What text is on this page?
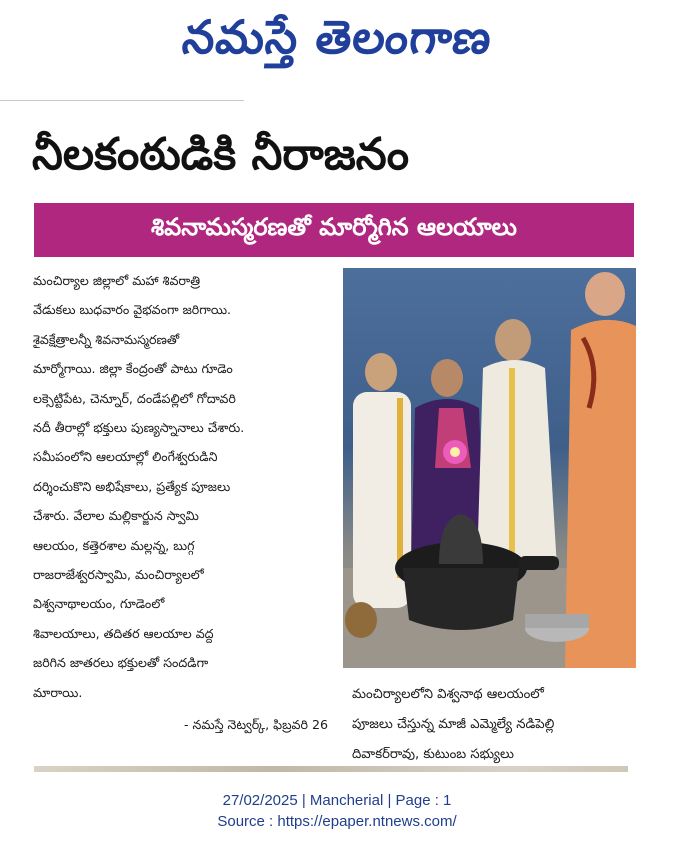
నమస్తే తెలంగాణ
నీలకంఠుడికి నీరాజనం
శివనామస్మరణతో మార్మోగిన ఆలయాలు
మంచిర్యాల జిల్లాలో మహా శివరాత్రి
వేడుకలు బుధవారం వైభవంగా జరిగాయి.
శైవక్షేత్రాలన్నీ శివనామస్మరణతో
మార్మోగాయి. జిల్లా కేంద్రంతో పాటు గూడెం
లక్సెట్టిపేట, చెన్నూర్, దండేపల్లిలో గోదావరి
నదీ తీరాల్లో భక్తులు పుణ్యస్నానాలు చేశారు.
సమీపంలోని ఆలయాల్లో లింగేశ్వరుడిని
దర్శించుకొని అభిషేకాలు, ప్రత్యేక పూజలు
చేశారు. వేలాల మల్లికార్జున స్వామి
ఆలయం, కత్తెరశాల మల్లన్న, బుగ్గ
రాజరాజేశ్వరస్వామి, మంచిర్యాలలో
విశ్వనాథాలయం, గూడెంలో
శివాలయాలు, తదితర ఆలయాల వద్ద
జరిగిన జాతరలు భక్తులతో సందడిగా
మారాయి.
- నమస్తే నెట్వర్క్, ఫిబ్రవరి 26
మంచిర్యాలలోని విశ్వనాథ ఆలయంలో
పూజలు చేస్తున్న మాజీ ఎమ్మెల్యే నడిపెల్లి
దివాకర్‌రావు, కుటుంబ సభ్యులు
27/02/2025 | Mancherial | Page : 1
Source : https://epaper.ntnews.com/
